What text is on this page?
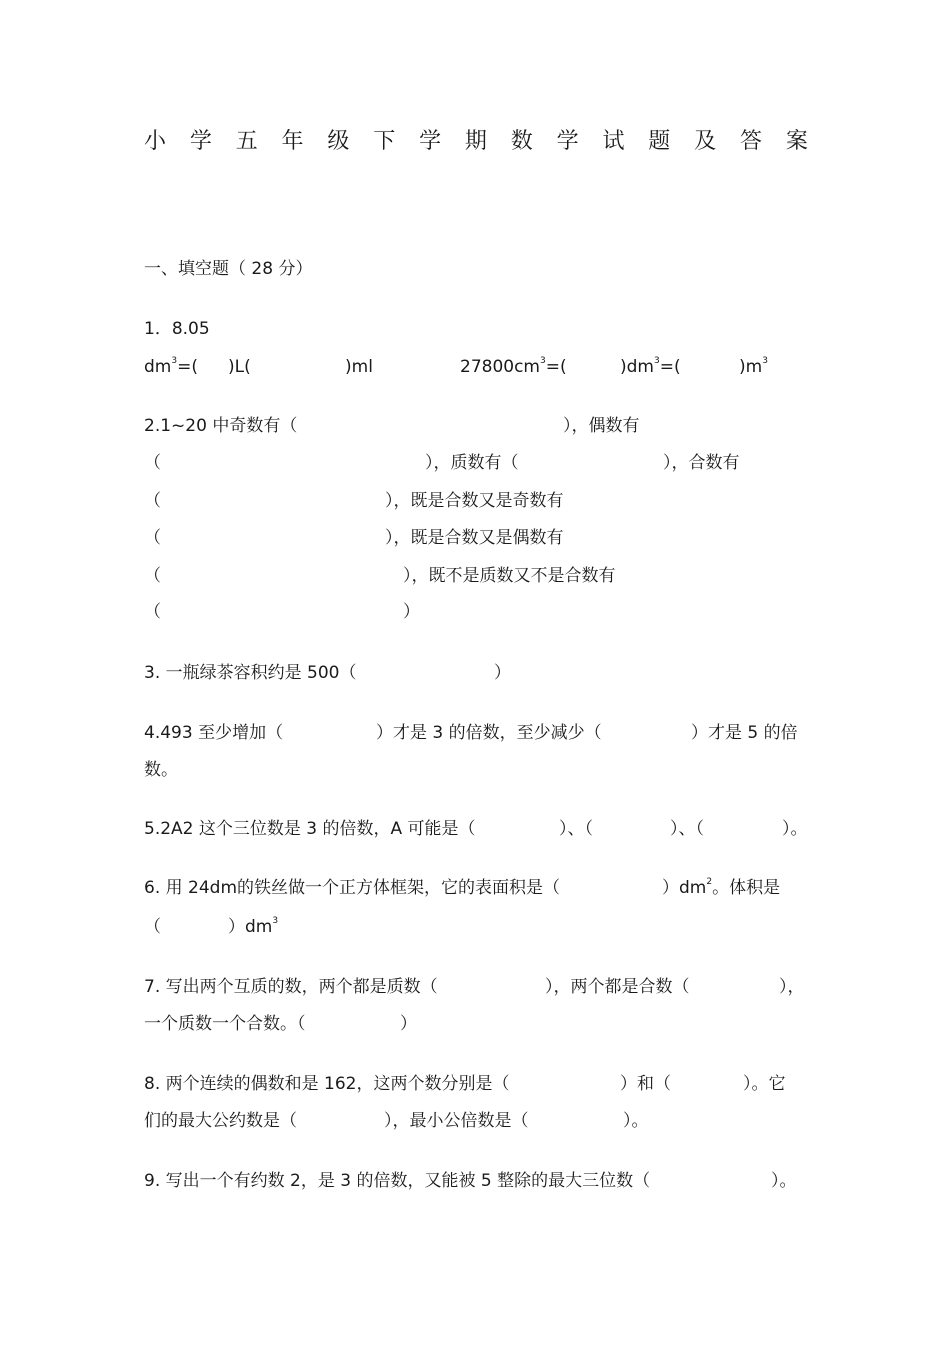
小 学 五 年 级 下 学 期 数 学 试 题 及 答 案
一、填空题（ 28 分）
1．8.05
$dm^3=$( )L(	)ml	$27800cm^3=$(	)$dm^3=$(	)$m^3$
2.1~20 中奇数有（	），偶数有
（	），质数有（	），合数有
（	），既是合数又是奇数有
（	），既是合数又是偶数有
（	），既不是质数又不是合数有
（	）
3. 一瓶绿茶容积约是 500（	）
4.493 至少增加（	）才是 3 的倍数，至少减少（	）才是 5 的倍
数。
5.2A2 这个三位数是 3 的倍数，A 可能是（	）、（	）、（	）。
6. 用 24dm的铁丝做一个正方体框架，它的表面积是（	）$dm^2$。体积是
（	）$dm^3$
7. 写出两个互质的数，两个都是质数（	），两个都是合数（	），
一个质数一个合数。（	）
8. 两个连续的偶数和是 162，这两个数分别是（	）和（	）。它
们的最大公约数是（	），最小公倍数是（	）。
9. 写出一个有约数 2，是 3 的倍数，又能被 5 整除的最大三位数（	）。
